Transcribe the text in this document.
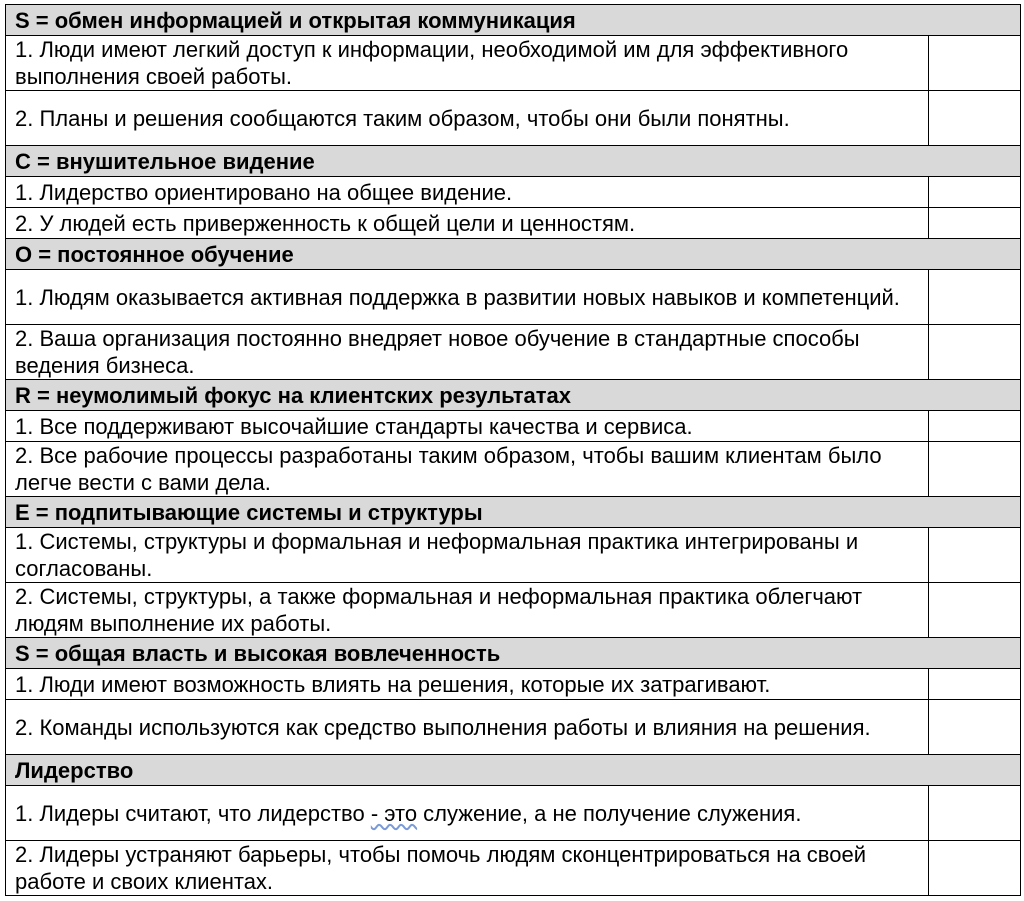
S = обмен информацией и открытая коммуникация	
1. Люди имеют легкий доступ к информации, необходимой им для эффективного выполнения своей работы.	
2. Планы и решения сообщаются таким образом, чтобы они были понятны.	
C = внушительное видение	
1. Лидерство ориентировано на общее видение.	
2. У людей есть приверженность к общей цели и ценностям.	
O = постоянное обучение	
1. Людям оказывается активная поддержка в развитии новых навыков и компетенций.	
2. Ваша организация постоянно внедряет новое обучение в стандартные способы ведения бизнеса.	
R = неумолимый фокус на клиентских результатах	
1. Все поддерживают высочайшие стандарты качества и сервиса.	
2. Все рабочие процессы разработаны таким образом, чтобы вашим клиентам было легче вести с вами дела.	
E = подпитывающие системы и структуры	
1. Системы, структуры и формальная и неформальная практика интегрированы и согласованы.	
2. Системы, структуры, а также формальная и неформальная практика облегчают людям выполнение их работы.	
S = общая власть и высокая вовлеченность	
1. Люди имеют возможность влиять на решения, которые их затрагивают.	
2. Команды используются как средство выполнения работы и влияния на решения.	
Лидерство	
1. Лидеры считают, что лидерство - это служение, а не получение служения.	
2. Лидеры устраняют барьеры, чтобы помочь людям сконцентрироваться на своей работе и своих клиентах.	
